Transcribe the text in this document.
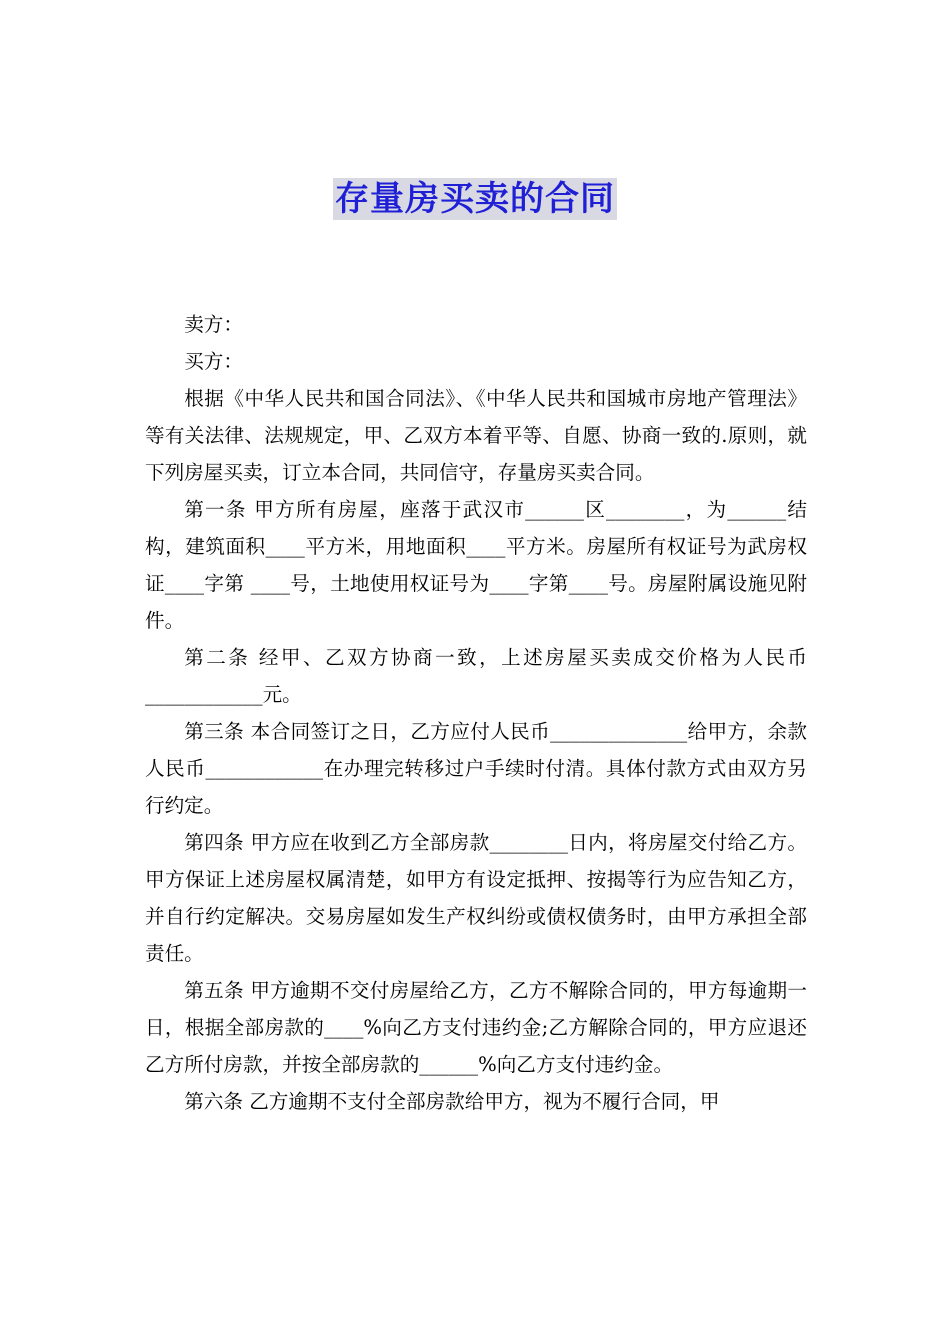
存量房买卖的合同

卖方：

买方：

根据《中华人民共和国合同法》、《中华人民共和国城市房地产管理法》等有关法律、法规规定，甲、乙双方本着平等、自愿、协商一致的.原则，就下列房屋买卖，订立本合同，共同信守，存量房买卖合同。

第一条 甲方所有房屋，座落于武汉市______区________，为______结构，建筑面积____平方米，用地面积____平方米。房屋所有权证号为武房权证____字第 ____号，土地使用权证号为____字第____号。房屋附属设施见附件。

第二条 经甲、乙双方协商一致，上述房屋买卖成交价格为人民币____________元。

第三条 本合同签订之日，乙方应付人民币______________给甲方，余款人民币____________在办理完转移过户手续时付清。具体付款方式由双方另行约定。

第四条 甲方应在收到乙方全部房款________日内，将房屋交付给乙方。甲方保证上述房屋权属清楚，如甲方有设定抵押、按揭等行为应告知乙方，并自行约定解决。交易房屋如发生产权纠纷或债权债务时，由甲方承担全部责任。

第五条 甲方逾期不交付房屋给乙方，乙方不解除合同的，甲方每逾期一日，根据全部房款的____%向乙方支付违约金;乙方解除合同的，甲方应退还乙方所付房款，并按全部房款的______%向乙方支付违约金。

第六条 乙方逾期不支付全部房款给甲方，视为不履行合同，甲
